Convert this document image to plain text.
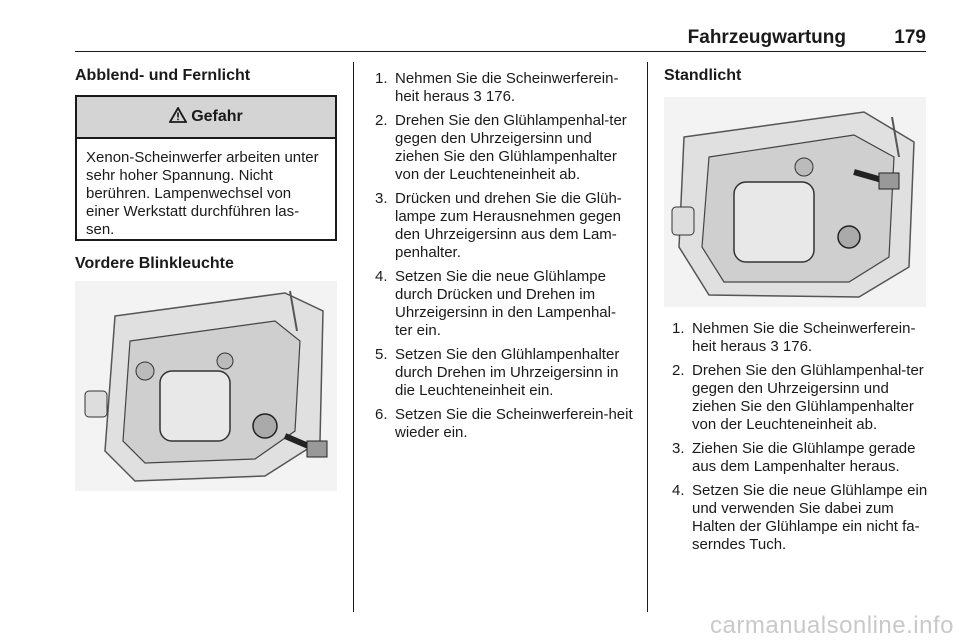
Fahrzeugwartung	179
Abblend- und Fernlicht
Gefahr
Xenon-Scheinwerfer arbeiten unter sehr hoher Spannung. Nicht berühren. Lampenwechsel von einer Werkstatt durchführen las-sen.
Vordere Blinkleuchte
1. Nehmen Sie die Scheinwerferein-heit heraus 3 176.
2. Drehen Sie den Glühlampenhal-ter gegen den Uhrzeigersinn und ziehen Sie den Glühlampenhalter von der Leuchteneinheit ab.
3. Drücken und drehen Sie die Glüh-lampe zum Herausnehmen gegen den Uhrzeigersinn aus dem Lam-penhalter.
4. Setzen Sie die neue Glühlampe durch Drücken und Drehen im Uhrzeigersinn in den Lampenhal-ter ein.
5. Setzen Sie den Glühlampenhalter durch Drehen im Uhrzeigersinn in die Leuchteneinheit ein.
6. Setzen Sie die Scheinwerferein-heit wieder ein.
Standlicht
1. Nehmen Sie die Scheinwerferein-heit heraus 3 176.
2. Drehen Sie den Glühlampenhal-ter gegen den Uhrzeigersinn und ziehen Sie den Glühlampenhalter von der Leuchteneinheit ab.
3. Ziehen Sie die Glühlampe gerade aus dem Lampenhalter heraus.
4. Setzen Sie die neue Glühlampe ein und verwenden Sie dabei zum Halten der Glühlampe ein nicht fa-serndes Tuch.
carmanualsonline.info
